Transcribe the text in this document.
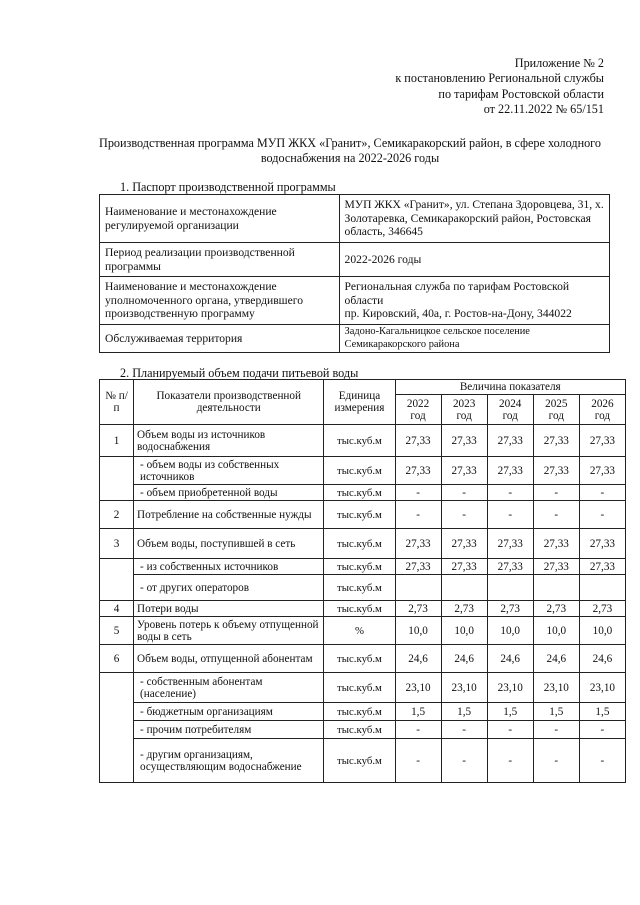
Приложение № 2
к постановлению Региональной службы
по тарифам Ростовской области
от 22.11.2022 № 65/151
Производственная программа МУП ЖКХ «Гранит», Семикаракорский район, в сфере холодного водоснабжения на 2022-2026 годы
1. Паспорт производственной программы
Наименование и местонахождение регулируемой организации	МУП ЖКХ «Гранит», ул. Степана Здоровцева, 31, х. Золотаревка, Семикаракорский район, Ростовская область, 346645
Период реализации производственной программы	2022-2026 годы
Наименование и местонахождение уполномоченного органа, утвердившего производственную программу	Региональная служба по тарифам Ростовской области
пр. Кировский, 40а, г. Ростов-на-Дону, 344022

Обслуживаемая территория	Задоно-Кагальницкое сельское поселение Семикаракорского района
2. Планируемый объем подачи питьевой воды
№ п/п	Показатели производственной деятельности	Единица измерения	Величина показателя				
			2022 год	2023 год	2024 год	2025 год	2026 год
1	Объем воды из источников водоснабжения	тыс.куб.м	27,33	27,33	27,33	27,33	27,33
	- объем воды из собственных источников	тыс.куб.м	27,33	27,33	27,33	27,33	27,33
	- объем приобретенной воды	тыс.куб.м	-	-	-	-	-
2	Потребление на собственные нужды	тыс.куб.м	-	-	-	-	-
3	Объем воды, поступившей в сеть	тыс.куб.м	27,33	27,33	27,33	27,33	27,33
	- из собственных источников	тыс.куб.м	27,33	27,33	27,33	27,33	27,33
	- от других операторов	тыс.куб.м					
4	Потери воды	тыс.куб.м	2,73	2,73	2,73	2,73	2,73
5	Уровень потерь к объему отпущенной воды в сеть	%	10,0	10,0	10,0	10,0	10,0
6	Объем воды, отпущенной абонентам	тыс.куб.м	24,6	24,6	24,6	24,6	24,6
	- собственным абонентам (население)	тыс.куб.м	23,10	23,10	23,10	23,10	23,10
	- бюджетным организациям	тыс.куб.м	1,5	1,5	1,5	1,5	1,5
	- прочим потребителям	тыс.куб.м	-	-	-	-	-
	- другим организациям, осуществляющим водоснабжение	тыс.куб.м	-	-	-	-	-
